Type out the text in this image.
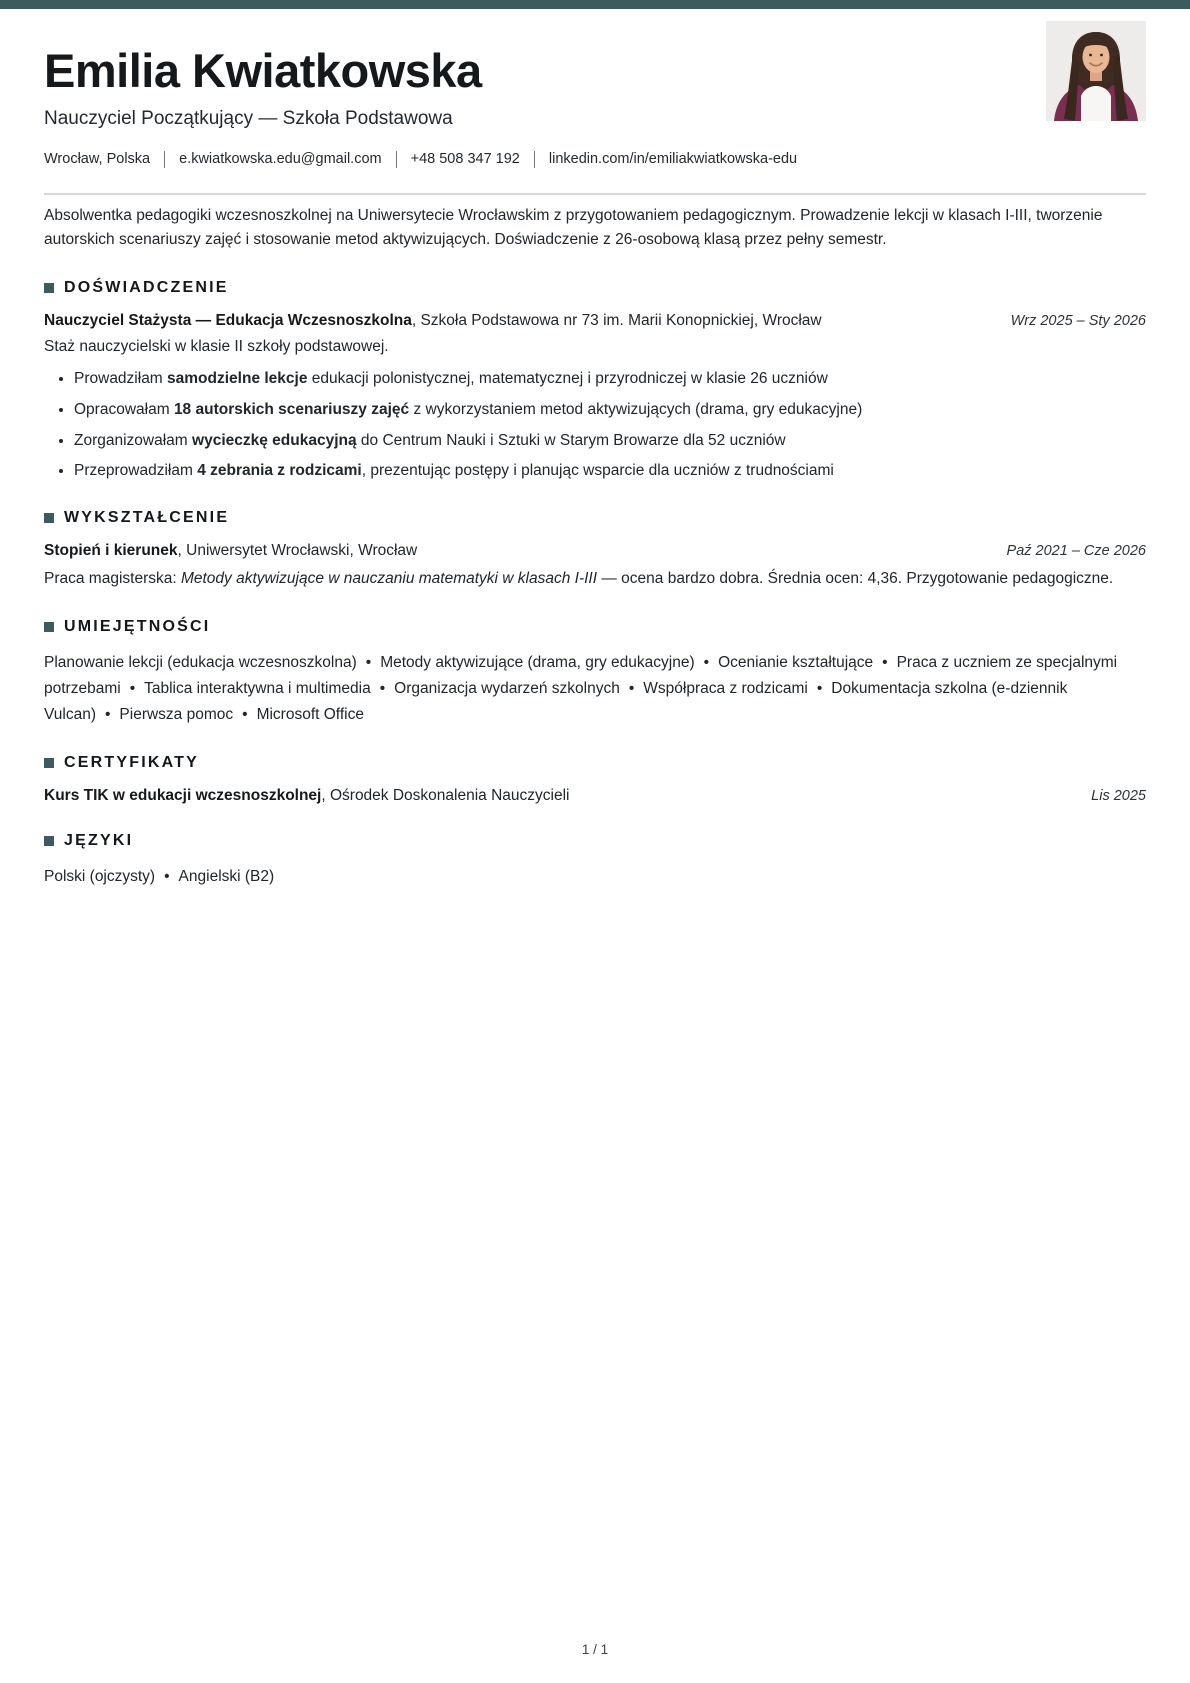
Emilia Kwiatkowska
Nauczyciel Początkujący — Szkoła Podstawowa
Wrocław, Polska e.kwiatkowska.edu@gmail.com +48 508 347 192 linkedin.com/in/emiliakwiatkowska-edu

Absolwentka pedagogiki wczesnoszkolnej na Uniwersytecie Wrocławskim z przygotowaniem pedagogicznym. Prowadzenie lekcji w klasach I-III, tworzenie autorskich scenariuszy zajęć i stosowanie metod aktywizujących. Doświadczenie z 26-osobową klasą przez pełny semestr.

DOŚWIADCZENIE
Nauczyciel Stażysta — Edukacja Wczesnoszkolna, Szkoła Podstawowa nr 73 im. Marii Konopnickiej, Wrocław	Wrz 2025 – Sty 2026
Staż nauczycielski w klasie II szkoły podstawowej.
• Prowadziłam samodzielne lekcje edukacji polonistycznej, matematycznej i przyrodniczej w klasie 26 uczniów
• Opracowałam 18 autorskich scenariuszy zajęć z wykorzystaniem metod aktywizujących (drama, gry edukacyjne)
• Zorganizowałam wycieczkę edukacyjną do Centrum Nauki i Sztuki w Starym Browarze dla 52 uczniów
• Przeprowadziłam 4 zebrania z rodzicami, prezentując postępy i planując wsparcie dla uczniów z trudnościami
WYKSZTAŁCENIE
Stopień i kierunek, Uniwersytet Wrocławski, Wrocław	Paź 2021 – Cze 2026
Praca magisterska: Metody aktywizujące w nauczaniu matematyki w klasach I-III — ocena bardzo dobra. Średnia ocen: 4,36. Przygotowanie pedagogiczne.
UMIEJĘTNOŚCI
Planowanie lekcji (edukacja wczesnoszkolna) • Metody aktywizujące (drama, gry edukacyjne) • Ocenianie kształtujące • Praca z uczniem ze specjalnymi potrzebami • Tablica interaktywna i multimedia • Organizacja wydarzeń szkolnych • Współpraca z rodzicami • Dokumentacja szkolna (e-dziennik Vulcan) • Pierwsza pomoc • Microsoft Office
CERTYFIKATY
Kurs TIK w edukacji wczesnoszkolnej, Ośrodek Doskonalenia Nauczycieli	Lis 2025
JĘZYKI
Polski (ojczysty) • Angielski (B2)
1 / 1
